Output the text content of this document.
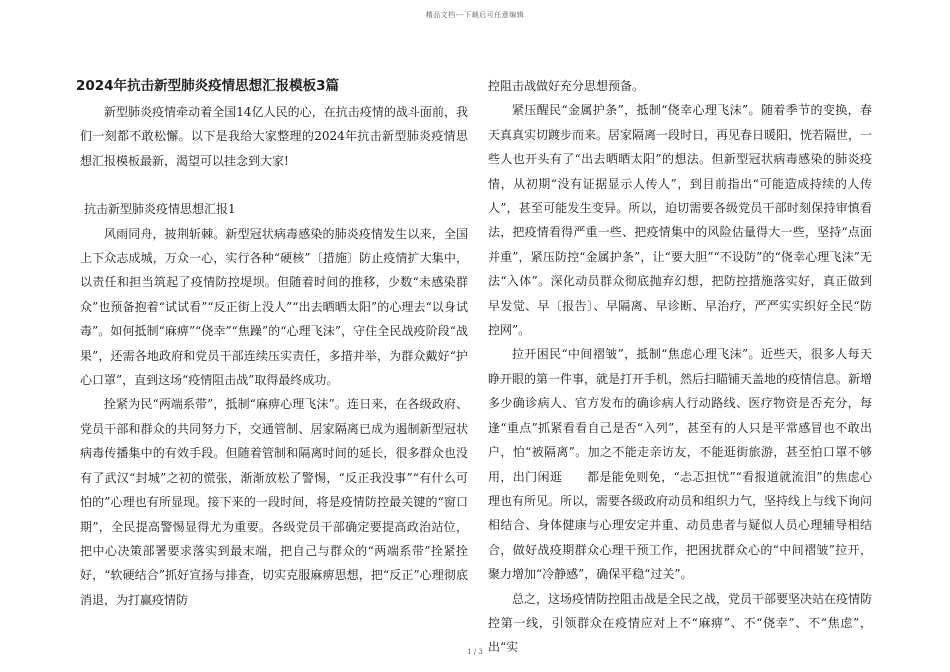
精品文档---下载后可任意编辑
2024年抗击新型肺炎疫情思想汇报模板3篇

新型肺炎疫情牵动着全国14亿人民的心，在抗击疫情的战斗面前，我们一刻都不敢松懈。以下是我给大家整理的2024年抗击新型肺炎疫情思想汇报模板最新，渴望可以挂念到大家!

抗击新型肺炎疫情思想汇报1

风雨同舟，披荆斩棘。新型冠状病毒感染的肺炎疫情发生以来，全国上下众志成城，万众一心，实行各种“硬核”〔措施〕防止疫情扩大集中，以责任和担当筑起了疫情防控堤坝。但随着时间的推移，少数“未感染群众”也预备抱着“试试看”“反正街上没人”“出去晒晒太阳”的心理去“以身试毒”。如何抵制“麻痹”“侥幸”“焦躁”的“心理飞沫”，守住全民战疫阶段“战果”，还需各地政府和党员干部连续压实责任，多措并举，为群众戴好“护心口罩”，直到这场“疫情阻击战”取得最终成功。

拴紧为民“两端系带”，抵制“麻痹心理飞沫”。连日来，在各级政府、党员干部和群众的共同努力下，交通管制、居家隔离已成为遏制新型冠状病毒传播集中的有效手段。但随着管制和隔离时间的延长，很多群众也没有了武汉“封城”之初的慌张，渐渐放松了警惕，“反正我没事”“有什么可怕的”心理也有所显现。接下来的一段时间，将是疫情防控最关键的“窗口期”，全民提高警惕显得尤为重要。各级党员干部确定要提高政治站位，把中心决策部署要求落实到最末端，把自己与群众的“两端系带”拴紧拴好，“软硬结合”抓好宣扬与排查，切实克服麻痹思想，把“反正”心理彻底消退，为打赢疫情防

控阻击战做好充分思想预备。

紧压醒民“金属护条”，抵制“侥幸心理飞沫”。随着季节的变换，春天真真实切踱步而来。居家隔离一段时日，再见春日暖阳，恍若隔世，一些人也开头有了“出去晒晒太阳”的想法。但新型冠状病毒感染的肺炎疫情，从初期“没有证据显示人传人”，到目前指出“可能造成持续的人传人”，甚至可能发生变异。所以，迫切需要各级党员干部时刻保持审慎看法，把疫情看得严重一些、把疫情集中的风险估量得大一些，坚持“点面并重”，紧压防控“金属护条”，让“要大胆”“不设防”的“侥幸心理飞沫”无法“入体”。深化动员群众彻底抛弃幻想，把防控措施落实好，真正做到早发觉、早〔报告〕、早隔离、早诊断、早治疗，严严实实织好全民“防控网”。

拉开困民“中间褶皱”，抵制“焦虑心理飞沫”。近些天，很多人每天睁开眼的第一件事，就是打开手机，然后扫瞄铺天盖地的疫情信息。新增多少确诊病人、官方发布的确诊病人行动路线、医疗物资是否充分，每逢“重点”抓紧看看自己是否“入列”，甚至有的人只是平常感冒也不敢出户，怕“被隔离”。加之不能走亲访友，不能逛街旅游，甚至怕口罩不够用，出门闲逛　　都是能免则免，“忐忑担忧”“看报道就流泪”的焦虑心理也有所见。所以，需要各级政府动员和组织力气，坚持线上与线下询问相结合、身体健康与心理安定并重、动员患者与疑似人员心理辅导相结合，做好战疫期群众心理干预工作，把困扰群众心的“中间褶皱”拉开，聚力增加“冷静感”，确保平稳“过关”。

总之，这场疫情防控阻击战是全民之战，党员干部要坚决站在疫情防控第一线，引领群众在疫情应对上不“麻痹”、不“侥幸”、不“焦虑”，出“实

1 / 3
